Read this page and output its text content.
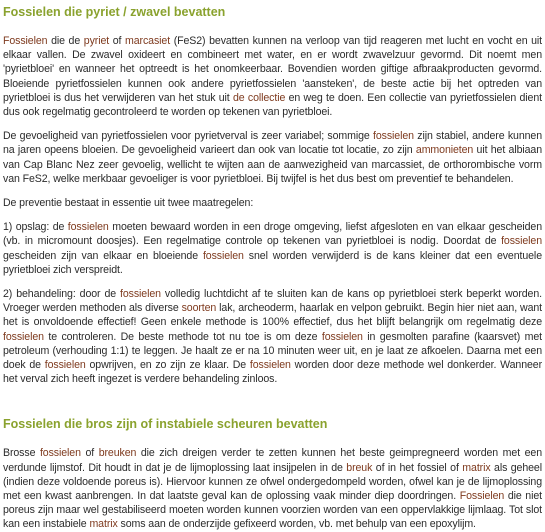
Fossielen die pyriet / zwavel bevatten

Fossielen die de pyriet of marcasiet (FeS2) bevatten kunnen na verloop van tijd reageren met lucht en vocht en uit elkaar vallen. De zwavel oxideert en combineert met water, en er wordt zwavelzuur gevormd. Dit noemt men 'pyrietbloei' en wanneer het optreedt is het onomkeerbaar. Bovendien worden giftige afbraakproducten gevormd. Bloeiende pyrietfossielen kunnen ook andere pyrietfossielen 'aansteken', de beste actie bij het optreden van pyrietbloei is dus het verwijderen van het stuk uit de collectie en weg te doen. Een collectie van pyrietfossielen dient dus ook regelmatig gecontroleerd te worden op tekenen van pyrietbloei.

De gevoeligheid van pyrietfossielen voor pyrietverval is zeer variabel; sommige fossielen zijn stabiel, andere kunnen na jaren opeens bloeien. De gevoeligheid varieert dan ook van locatie tot locatie, zo zijn ammonieten uit het albiaan van Cap Blanc Nez zeer gevoelig, wellicht te wijten aan de aanwezigheid van marcassiet, de orthorombische vorm van FeS2, welke merkbaar gevoeliger is voor pyrietbloei. Bij twijfel is het dus best om preventief te behandelen.

De preventie bestaat in essentie uit twee maatregelen:

1) opslag: de fossielen moeten bewaard worden in een droge omgeving, liefst afgesloten en van elkaar gescheiden (vb. in micromount doosjes). Een regelmatige controle op tekenen van pyrietbloei is nodig. Doordat de fossielen gescheiden zijn van elkaar en bloeiende fossielen snel worden verwijderd is de kans kleiner dat een eventuele pyrietbloei zich verspreidt.

2) behandeling: door de fossielen volledig luchtdicht af te sluiten kan de kans op pyrietbloei sterk beperkt worden. Vroeger werden methoden als diverse soorten lak, archeoderm, haarlak en velpon gebruikt. Begin hier niet aan, want het is onvoldoende effectief! Geen enkele methode is 100% effectief, dus het blijft belangrijk om regelmatig deze fossielen te controleren. De beste methode tot nu toe is om deze fossielen in gesmolten parafine (kaarsvet) met petroleum (verhouding 1:1) te leggen. Je haalt ze er na 10 minuten weer uit, en je laat ze afkoelen. Daarna met een doek de fossielen opwrijven, en zo zijn ze klaar. De fossielen worden door deze methode wel donkerder. Wanneer het verval zich heeft ingezet is verdere behandeling zinloos.

Fossielen die bros zijn of instabiele scheuren bevatten

Brosse fossielen of breuken die zich dreigen verder te zetten kunnen het beste geimpregneerd worden met een verdunde lijmstof. Dit houdt in dat je de lijmoplossing laat insijpelen in de breuk of in het fossiel of matrix als geheel (indien deze voldoende poreus is). Hiervoor kunnen ze ofwel ondergedompeld worden, ofwel kan je de lijmoplossing met een kwast aanbrengen. In dat laatste geval kan de oplossing vaak minder diep doordringen. Fossielen die niet poreus zijn maar wel gestabiliseerd moeten worden kunnen voorzien worden van een oppervlakkige lijmlaag. Tot slot kan een instabiele matrix soms aan de onderzijde gefixeerd worden, vb. met behulp van een epoxylijm.
